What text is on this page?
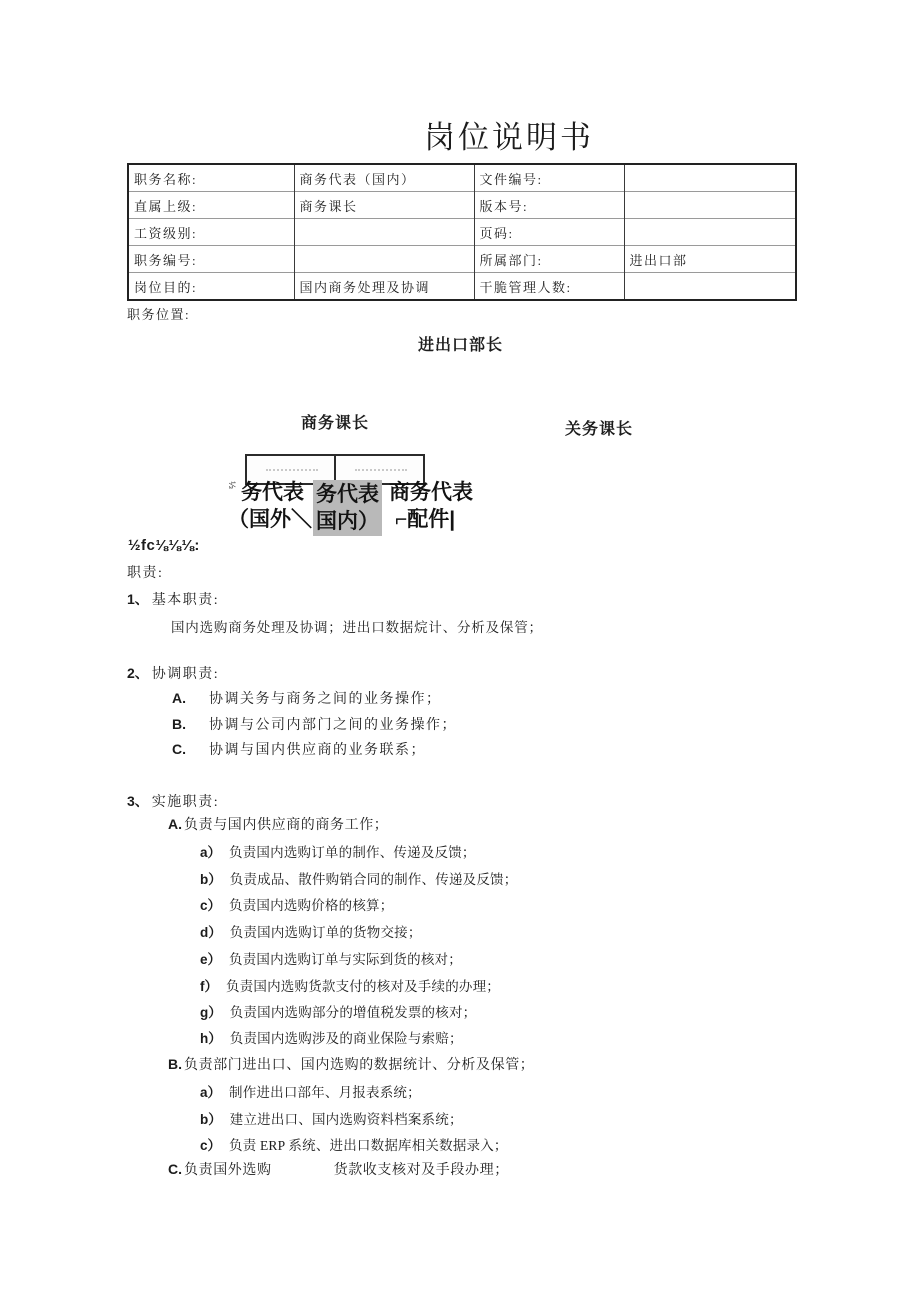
岗位说明书
职务名称:	商务代表（国内）	文件编号:	
直属上级:	商务课长	版本号:	
工资级别:		页码:	
职务编号:		所属部门:	进出口部
岗位目的:	国内商务处理及协调	干脆管理人数:	
职务位置:
进出口部长
商务课长	关务课长
⅓ 务代表
（国外＼
务代表
国内）
商务代表
⌐配件|
½fc⅛⅛⅛:
职责:
1、 基本职责:
国内选购商务处理及协调；进出口数据烷计、分析及保管；
2、 协调职责:
A. 协调关务与商务之间的业务操作；
B. 协调与公司内部门之间的业务操作；
C. 协调与国内供应商的业务联系；
3、 实施职责:
A. 负责与国内供应商的商务工作；
a） 负责国内选购订单的制作、传递及反馈；
b） 负责成品、散件购销合同的制作、传递及反馈；
c） 负责国内选购价格的核算；
d） 负责国内选购订单的货物交接；
e） 负责国内选购订单与实际到货的核对；
f） 负责国内选购货款支付的核对及手续的办理；
g） 负责国内选购部分的增值税发票的核对；
h） 负责国内选购涉及的商业保险与索赔；
B. 负责部门进出口、国内选购的数据统计、分析及保管；
a） 制作进出口部年、月报表系统；
b） 建立进出口、国内选购资料档案系统；
c） 负责 ERP 系统、进出口数据库相关数据录入；
C. 负责国外选购	货款收支核对及手段办理；
